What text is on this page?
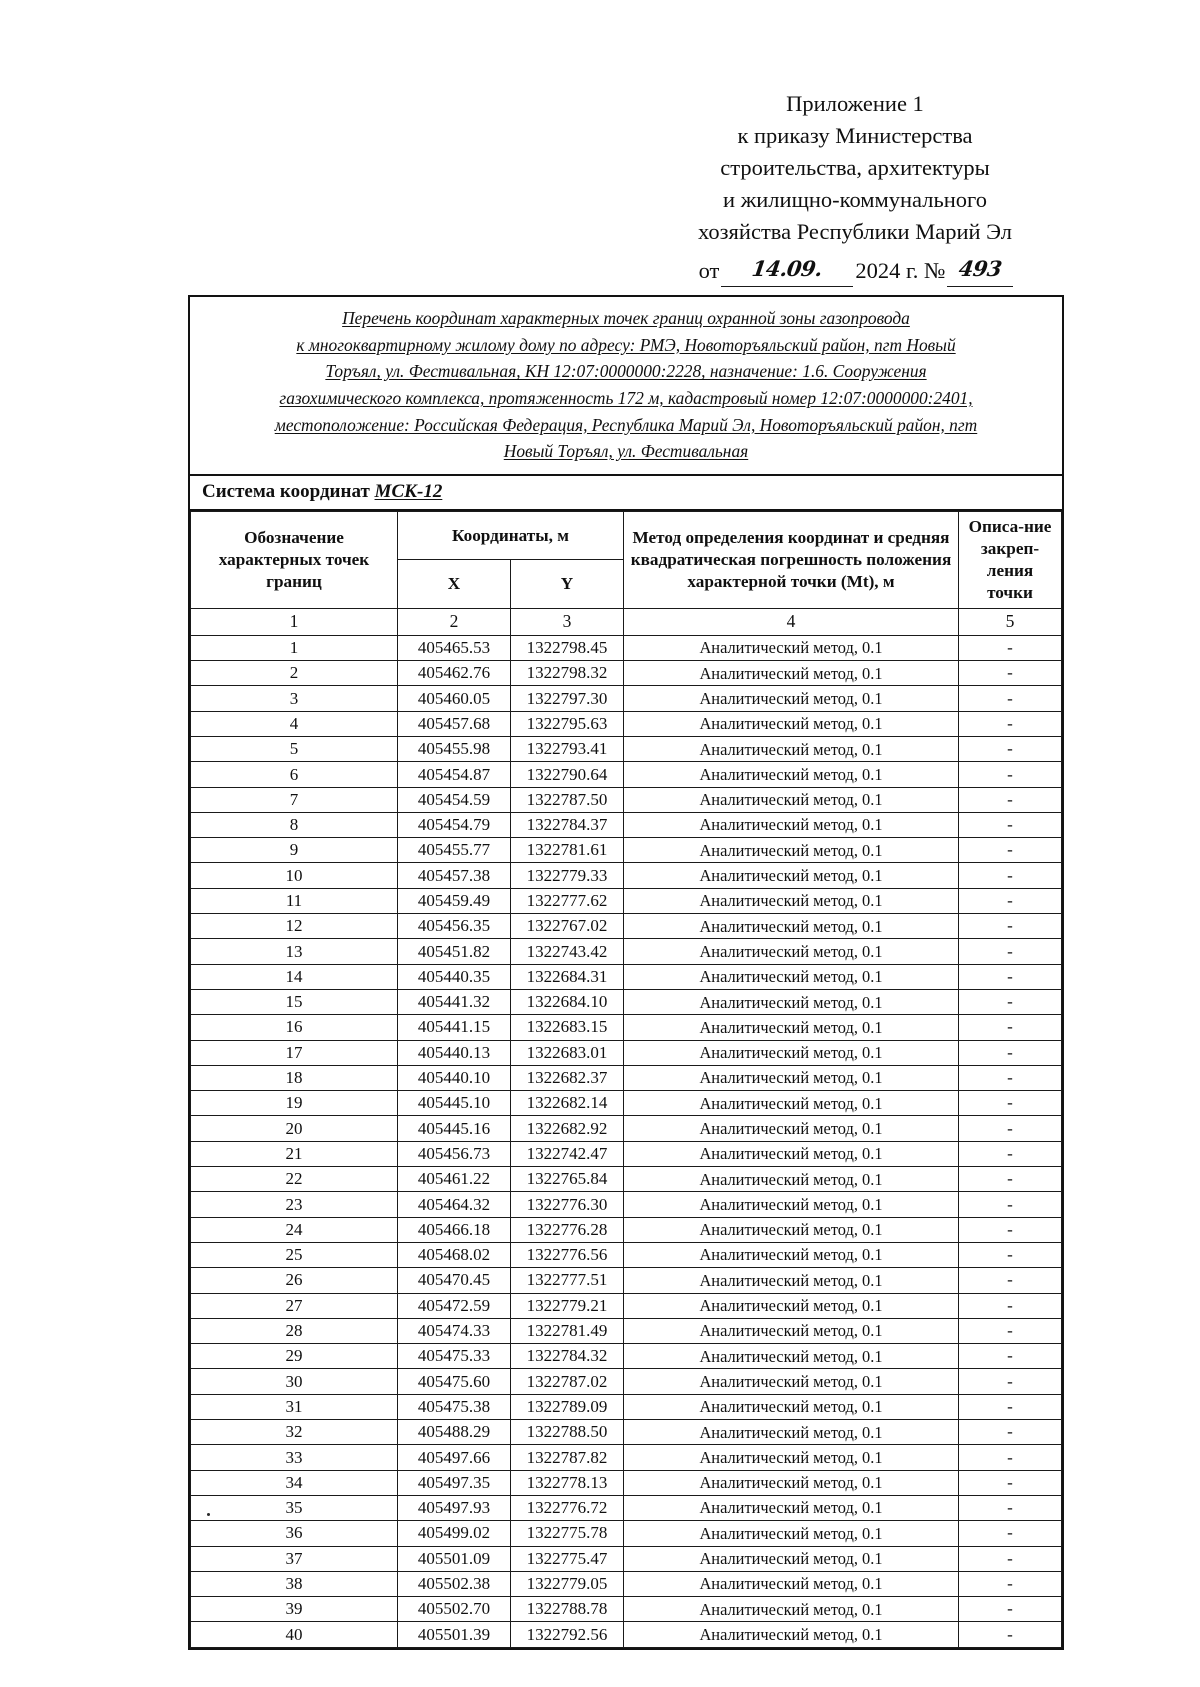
Приложение 1
к приказу Министерства
строительства, архитектуры
и жилищно-коммунального
хозяйства Республики Марий Эл
от	14.09.	2024 г. № 493
Перечень координат характерных точек границ охранной зоны газопровода
к многоквартирному жилому дому по адресу: РМЭ, Новоторъяльский район, пгт Новый
Торъял, ул. Фестивальная, КН 12:07:0000000:2228, назначение: 1.6. Сооружения
газохимического комплекса, протяженность 172 м, кадастровый номер 12:07:0000000:2401,
местоположение: Российская Федерация, Республика Марий Эл, Новоторъяльский район, пгт
Новый Торъял, ул. Фестивальная
Система координат МСК-12
Обозначение характерных точек границ	Координаты, м		Метод определения координат и средняя квадратическая погрешность положения характерной точки (Mt), м	Описа-ние закреп-ления точки
	X	Y		
1	2	3	4	5
1	405465.53	1322798.45	Аналитический метод, 0.1	-
2	405462.76	1322798.32	Аналитический метод, 0.1	-
3	405460.05	1322797.30	Аналитический метод, 0.1	-
4	405457.68	1322795.63	Аналитический метод, 0.1	-
5	405455.98	1322793.41	Аналитический метод, 0.1	-
6	405454.87	1322790.64	Аналитический метод, 0.1	-
7	405454.59	1322787.50	Аналитический метод, 0.1	-
8	405454.79	1322784.37	Аналитический метод, 0.1	-
9	405455.77	1322781.61	Аналитический метод, 0.1	-
10	405457.38	1322779.33	Аналитический метод, 0.1	-
11	405459.49	1322777.62	Аналитический метод, 0.1	-
12	405456.35	1322767.02	Аналитический метод, 0.1	-
13	405451.82	1322743.42	Аналитический метод, 0.1	-
14	405440.35	1322684.31	Аналитический метод, 0.1	-
15	405441.32	1322684.10	Аналитический метод, 0.1	-
16	405441.15	1322683.15	Аналитический метод, 0.1	-
17	405440.13	1322683.01	Аналитический метод, 0.1	-
18	405440.10	1322682.37	Аналитический метод, 0.1	-
19	405445.10	1322682.14	Аналитический метод, 0.1	-
20	405445.16	1322682.92	Аналитический метод, 0.1	-
21	405456.73	1322742.47	Аналитический метод, 0.1	-
22	405461.22	1322765.84	Аналитический метод, 0.1	-
23	405464.32	1322776.30	Аналитический метод, 0.1	-
24	405466.18	1322776.28	Аналитический метод, 0.1	-
25	405468.02	1322776.56	Аналитический метод, 0.1	-
26	405470.45	1322777.51	Аналитический метод, 0.1	-
27	405472.59	1322779.21	Аналитический метод, 0.1	-
28	405474.33	1322781.49	Аналитический метод, 0.1	-
29	405475.33	1322784.32	Аналитический метод, 0.1	-
30	405475.60	1322787.02	Аналитический метод, 0.1	-
31	405475.38	1322789.09	Аналитический метод, 0.1	-
32	405488.29	1322788.50	Аналитический метод, 0.1	-
33	405497.66	1322787.82	Аналитический метод, 0.1	-
34	405497.35	1322778.13	Аналитический метод, 0.1	-
35	405497.93	1322776.72	Аналитический метод, 0.1	-
36	405499.02	1322775.78	Аналитический метод, 0.1	-
37	405501.09	1322775.47	Аналитический метод, 0.1	-
38	405502.38	1322779.05	Аналитический метод, 0.1	-
39	405502.70	1322788.78	Аналитический метод, 0.1	-
40	405501.39	1322792.56	Аналитический метод, 0.1	-
